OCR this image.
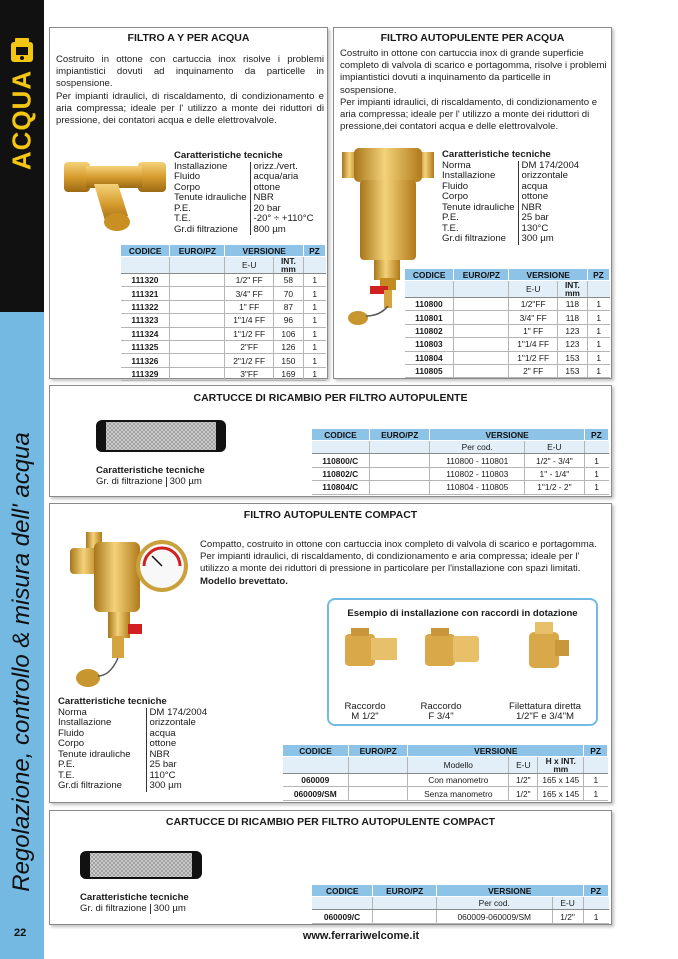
ACQUA
Regolazione, controllo & misura dell' acqua
22
FILTRO A Y PER ACQUA
Costruito in ottone con cartuccia inox risolve i problemi impiantistici dovuti ad inquinamento da particelle in sospensione.
Per impianti idraulici, di riscaldamento, di condizionamento e aria compressa; ideale per l' utilizzo a monte dei riduttori di pressione, dei contatori acqua e delle elettrovalvole.
Caratteristiche tecniche
Installazione	orizz./vert.
Fluido	acqua/aria
Corpo	ottone
Tenute idrauliche	NBR
P.E.	20 bar
T.E.	-20° ÷ +110°C
Gr.di filtrazione	800 µm
CODICE	EURO/PZ	VERSIONE		PZ
		E-U	INT. mm	
111320		1/2" FF	58	1
111321		3/4" FF	70	1
111322		1" FF	87	1
111323		1"1/4 FF	96	1
111324		1"1/2 FF	106	1
111325		2"FF	126	1
111326		2"1/2 FF	150	1
111329		3"FF	169	1
FILTRO AUTOPULENTE PER ACQUA
Costruito in ottone con cartuccia inox di grande superficie completo di valvola di scarico e portagomma, risolve i problemi impiantistici dovuti a inquinamento da particelle in sospensione.
Per impianti idraulici, di riscaldamento, di condizionamento e aria compressa; ideale per l' utilizzo a monte dei riduttori di pressione,dei contatori acqua e delle elettrovalvole.
Caratteristiche tecniche
Norma	DM 174/2004
Installazione	orizzontale
Fluido	acqua
Corpo	ottone
Tenute idrauliche	NBR
P.E.	25 bar
T.E.	130°C
Gr.di filtrazione	300 µm
CODICE	EURO/PZ	VERSIONE		PZ
		E-U	INT. mm	
110800		1/2"FF	118	1
110801		3/4" FF	118	1
110802		1" FF	123	1
110803		1"1/4 FF	123	1
110804		1"1/2 FF	153	1
110805		2" FF	153	1
CARTUCCE DI RICAMBIO PER FILTRO AUTOPULENTE
Caratteristiche tecniche
Gr. di filtrazione	300 µm
CODICE	EURO/PZ	VERSIONE		PZ
		Per cod.	E-U	
110800/C		110800 - 110801	1/2" - 3/4"	1
110802/C		110802 - 110803	1" - 1/4"	1
110804/C		110804 - 110805	1"1/2 - 2"	1
FILTRO AUTOPULENTE COMPACT
Compatto, costruito in ottone con cartuccia inox completo di valvola di scarico e portagomma. Per impianti idraulici, di riscaldamento, di condizionamento e aria compressa; ideale per l' utilizzo a monte dei riduttori di pressione in particolare per l'installazione con spazi limitati. Modello brevettato.
Caratteristiche tecniche
Norma	DM 174/2004
Installazione	orizzontale
Fluido	acqua
Corpo	ottone
Tenute idrauliche	NBR
P.E.	25 bar
T.E.	110°C
Gr.di filtrazione	300 µm
CODICE	EURO/PZ	VERSIONE			PZ
		Modello	E-U	H x INT. mm	
060009		Con manometro	1/2"	165 x 145	1
060009/SM		Senza manometro	1/2"	165 x 145	1
Esempio di installazione con raccordi in dotazione
Raccordo
M 1/2"
Raccordo
F 3/4"
Filettatura diretta
1/2"F e 3/4"M
CARTUCCE DI RICAMBIO PER FILTRO AUTOPULENTE COMPACT
Caratteristiche tecniche
Gr. di filtrazione	300 µm
CODICE	EURO/PZ	VERSIONE		PZ
		Per cod.	E-U	
060009/C		060009-060009/SM	1/2"	1
www.ferrariwelcome.it
